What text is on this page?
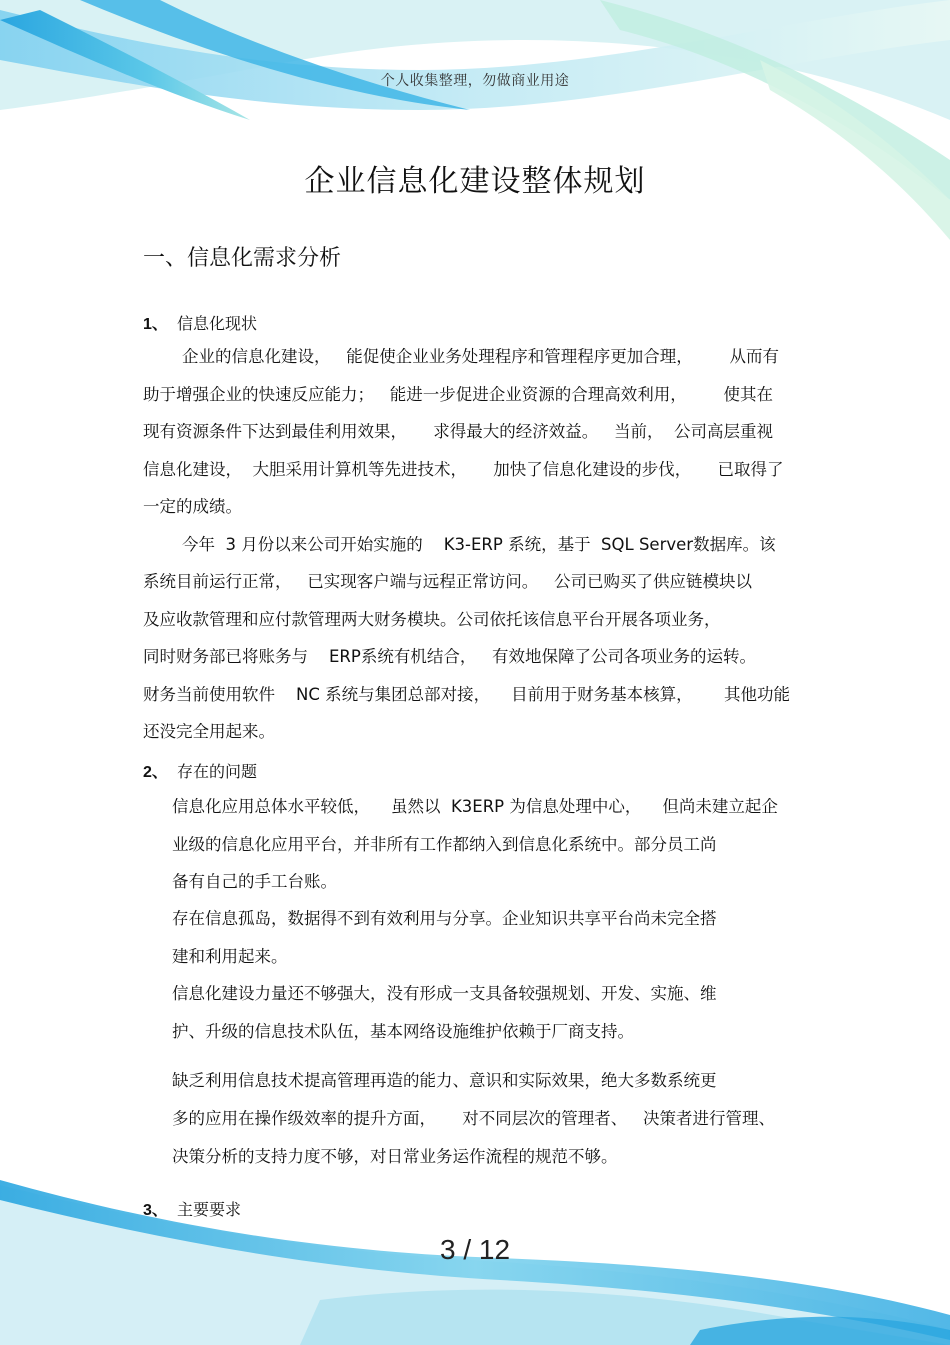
个人收集整理，勿做商业用途
企业信息化建设整体规划
一、信息化需求分析
1、 信息化现状
企业的信息化建设，   能促使企业业务处理程序和管理程序更加合理，       从而有
助于增强企业的快速反应能力；   能进一步促进企业资源的合理高效利用，       使其在
现有资源条件下达到最佳利用效果，     求得最大的经济效益。   当前，  公司高层重视
信息化建设，  大胆采用计算机等先进技术，     加快了信息化建设的步伐，     已取得了
一定的成绩。
今年  3 月份以来公司开始实施的    K3-ERP 系统，基于  SQL Server数据库。该
系统目前运行正常，   已实现客户端与远程正常访问。   公司已购买了供应链模块以
及应收款管理和应付款管理两大财务模块。公司依托该信息平台开展各项业务，
同时财务部已将账务与    ERP系统有机结合，   有效地保障了公司各项业务的运转。
财务当前使用软件    NC 系统与集团总部对接，    目前用于财务基本核算，      其他功能
还没完全用起来。
2、 存在的问题
信息化应用总体水平较低，    虽然以  K3ERP 为信息处理中心，    但尚未建立起企
业级的信息化应用平台，并非所有工作都纳入到信息化系统中。部分员工尚
备有自己的手工台账。
存在信息孤岛，数据得不到有效利用与分享。企业知识共享平台尚未完全搭
建和利用起来。
信息化建设力量还不够强大，没有形成一支具备较强规划、开发、实施、维
护、升级的信息技术队伍，基本网络设施维护依赖于厂商支持。
缺乏利用信息技术提高管理再造的能力、意识和实际效果，绝大多数系统更
多的应用在操作级效率的提升方面，     对不同层次的管理者、   决策者进行管理、
决策分析的支持力度不够，对日常业务运作流程的规范不够。
3、 主要要求
3 / 12
